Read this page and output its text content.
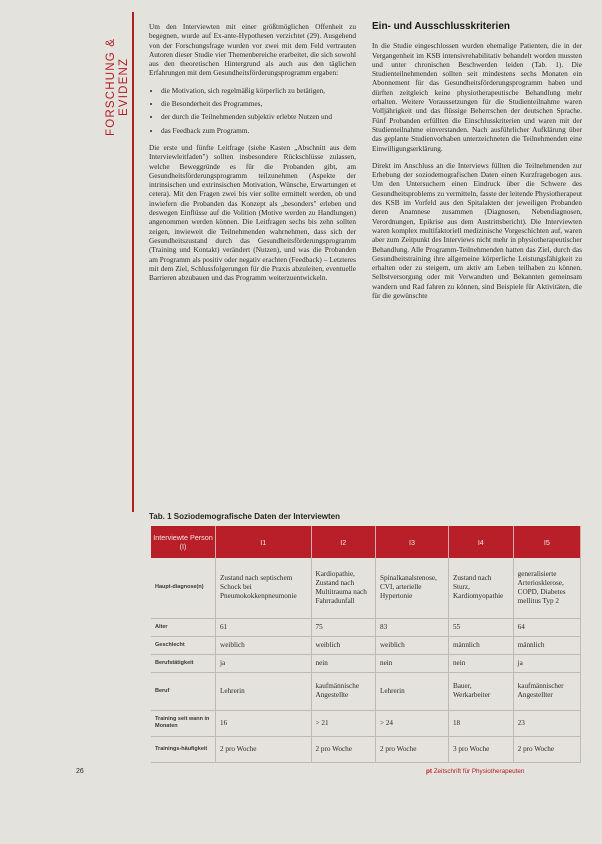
FORSCHUNG & EVIDENZ

Um den Interviewten mit einer größtmöglichen Offenheit zu begegnen, wurde auf Ex-ante-Hypothesen verzichtet (29). Ausgehend von der Forschungsfrage wurden vor zwei mit dem Feld vertrauten Autoren dieser Studie vier Themenbereiche erarbeitet, die sich sowohl aus den theoretischen Hintergrund als auch aus den täglichen Erfahrungen mit dem Gesundheitsförderungsprogramm ergaben:

• die Motivation, sich regelmäßig körperlich zu betätigen,
• die Besonderheit des Programmes,
• der durch die Teilnehmenden subjektiv erlebte Nutzen und
• das Feedback zum Programm.

Die erste und fünfte Leitfrage (siehe Kasten „Abschnitt aus dem Interviewleitfaden") sollten insbesondere Rückschlüsse zulassen, welche Beweggründe es für die Probanden gibt, am Gesundheitsförderungsprogramm teilzunehmen (Aspekte der intrinsischen und extrinsischen Motivation, Wünsche, Erwartungen et cetera). Mit den Fragen zwei bis vier sollte ermittelt werden, ob und inwiefern die Probanden das Konzept als „besonders" erleben und deswegen Einflüsse auf die Volition (Motive werden zu Handlungen) angenommen werden können. Die Leitfragen sechs bis zehn sollten zeigen, inwieweit die Teilnehmenden wahrnehmen, dass sich der Gesundheitszustand durch das Gesundheitsförderungsprogramm (Training und Kontakt) verändert (Nutzen), und was die Probanden am Programm als positiv oder negativ erachten (Feedback) – Letzteres mit dem Ziel, Schlussfolgerungen für die Praxis abzuleiten, eventuelle Barrieren abzubauen und das Programm weiterzuentwickeln.

Ein- und Ausschlusskriterien

In die Studie eingeschlossen wurden ehemalige Patienten, die in der Vergangenheit im KSB intensivrehabilitativ behandelt worden mussten und unter chronischen Beschwerden leiden (Tab. 1). Die Studienteilnehmenden sollten seit mindestens sechs Monaten ein Abonnement für das Gesundheitsförderungsprogramm haben und dürften zeitgleich keine physiotherapeutische Behandlung mehr erhalten. Weitere Voraussetzungen für die Studienteilnahme waren Volljährigkeit und das flüssige Beherrschen der deutschen Sprache. Fünf Probanden erfüllten die Einschlusskriterien und waren mit der Studienteilnahme einverstanden. Nach ausführlicher Aufklärung über das geplante Studienvorhaben unterzeichneten die Teilnehmenden eine Einwilligungserklärung.

Direkt im Anschluss an die Interviews füllten die Teilnehmenden zur Erhebung der soziodemografischen Daten einen Kurzfragebogen aus. Um den Untersuchern einen Eindruck über die Schwere des Gesundheitsproblems zu vermitteln, fasste der leitende Physiotherapeut des KSB im Vorfeld aus den Spitalakten der jeweiligen Probanden deren Anamnese zusammen (Diagnosen, Nebendiagnosen, Verordnungen, Epikrise aus dem Austrittsbericht). Die Interviewten waren komplex multifaktoriell medizinische Vorgeschichten auf, waren aber zum Zeitpunkt des Interviews nicht mehr in physiotherapeutischer Behandlung. Alle Programm-Teilnehmenden hatten das Ziel, durch das Gesundheitstraining ihre allgemeine körperliche Leistungsfähigkeit zu erhalten oder zu steigern, um aktiv am Leben teilhaben zu können. Selbstversorgung oder mit Verwandten und Bekannten gemeinsam wandern und Rad fahren zu können, sind Beispiele für Aktivitäten, die für die gewünschte

Tab. 1 Soziodemografische Daten der Interviewten
Interviewte Person (I)	I1	I2	I3	I4	I5
Haupt-diagnose(n)	Zustand nach septischem Schock bei Pneumokokkenpneumonie	Kardiopathie, Zustand nach Multitrauma nach Fahrradunfall	Spinalkanalstenose, CVI, arterielle Hypertonie	Zustand nach Sturz, Kardiomyopathie	generalisierte Arteriosklerose, COPD, Diabetes mellitus Typ 2
Alter	61	75	83	55	64
Geschlecht	weiblich	weiblich	weiblich	männlich	männlich
Berufstätigkeit	ja	nein	nein	nein	ja
Beruf	Lehrerin	kaufmännische Angestellte	Lehrerin	Bauer, Werkarbeiter	kaufmännischer Angestellter
Training seit wann in Monaten	16	> 21	> 24	18	23
Trainings-häufigkeit	2 pro Woche	2 pro Woche	2 pro Woche	3 pro Woche	2 pro Woche
26	pt Zeitschrift für Physiotherapeuten
